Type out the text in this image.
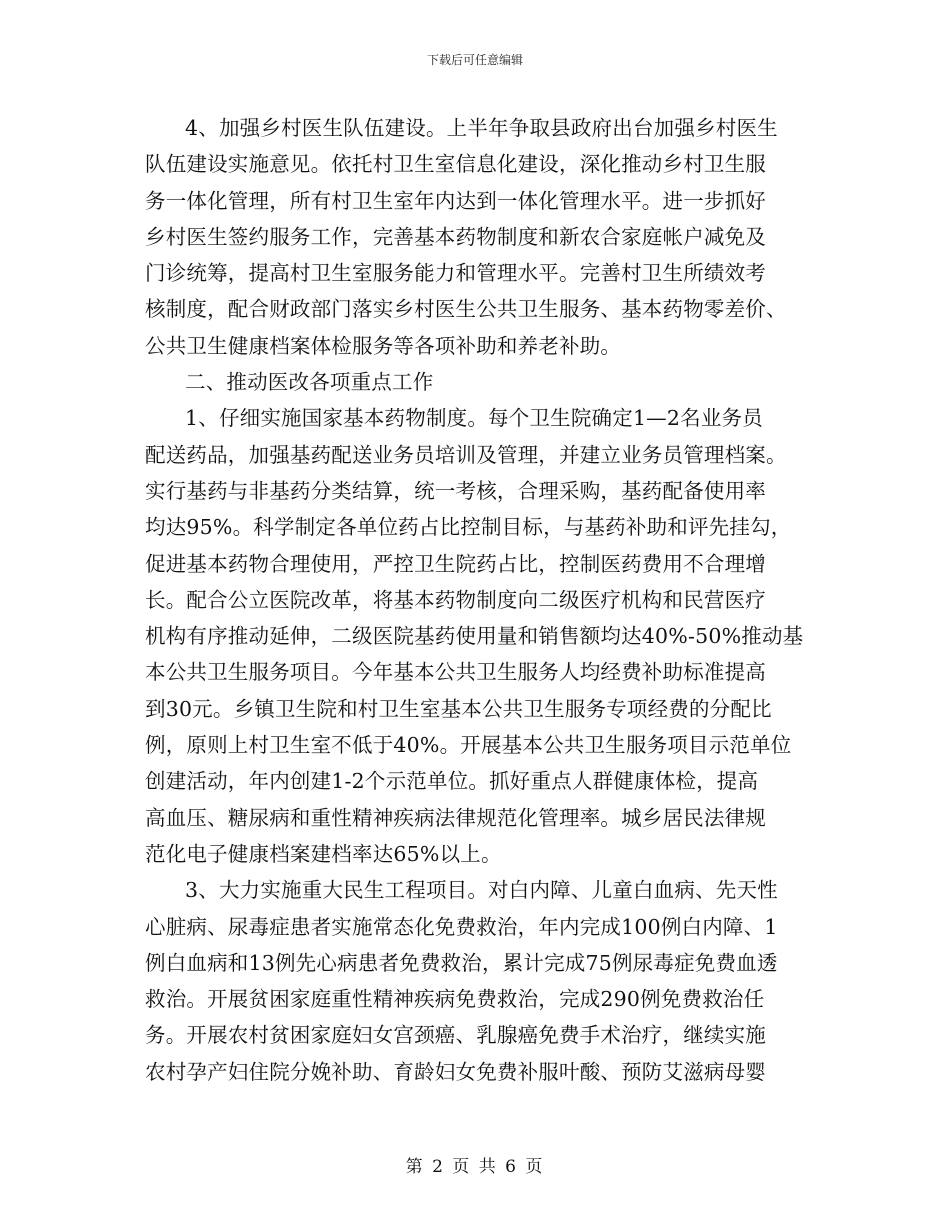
下载后可任意编辑
4、加强乡村医生队伍建设。上半年争取县政府出台加强乡村医生
队伍建设实施意见。依托村卫生室信息化建设，深化推动乡村卫生服
务一体化管理，所有村卫生室年内达到一体化管理水平。进一步抓好
乡村医生签约服务工作，完善基本药物制度和新农合家庭帐户减免及
门诊统筹，提高村卫生室服务能力和管理水平。完善村卫生所绩效考
核制度，配合财政部门落实乡村医生公共卫生服务、基本药物零差价、
公共卫生健康档案体检服务等各项补助和养老补助。
二、推动医改各项重点工作
1、仔细实施国家基本药物制度。每个卫生院确定1—2名业务员
配送药品，加强基药配送业务员培训及管理，并建立业务员管理档案。
实行基药与非基药分类结算，统一考核，合理采购，基药配备使用率
均达95%。科学制定各单位药占比控制目标，与基药补助和评先挂勾，
促进基本药物合理使用，严控卫生院药占比，控制医药费用不合理增
长。配合公立医院改革，将基本药物制度向二级医疗机构和民营医疗
机构有序推动延伸，二级医院基药使用量和销售额均达40%-50%推动基
本公共卫生服务项目。今年基本公共卫生服务人均经费补助标准提高
到30元。乡镇卫生院和村卫生室基本公共卫生服务专项经费的分配比
例，原则上村卫生室不低于40%。开展基本公共卫生服务项目示范单位
创建活动，年内创建1-2个示范单位。抓好重点人群健康体检，提高
高血压、糖尿病和重性精神疾病法律规范化管理率。城乡居民法律规
范化电子健康档案建档率达65%以上。
3、大力实施重大民生工程项目。对白内障、儿童白血病、先天性
心脏病、尿毒症患者实施常态化免费救治，年内完成100例白内障、1
例白血病和13例先心病患者免费救治，累计完成75例尿毒症免费血透
救治。开展贫困家庭重性精神疾病免费救治，完成290例免费救治任
务。开展农村贫困家庭妇女宫颈癌、乳腺癌免费手术治疗，继续实施
农村孕产妇住院分娩补助、育龄妇女免费补服叶酸、预防艾滋病母婴
第 2 页 共 6 页
